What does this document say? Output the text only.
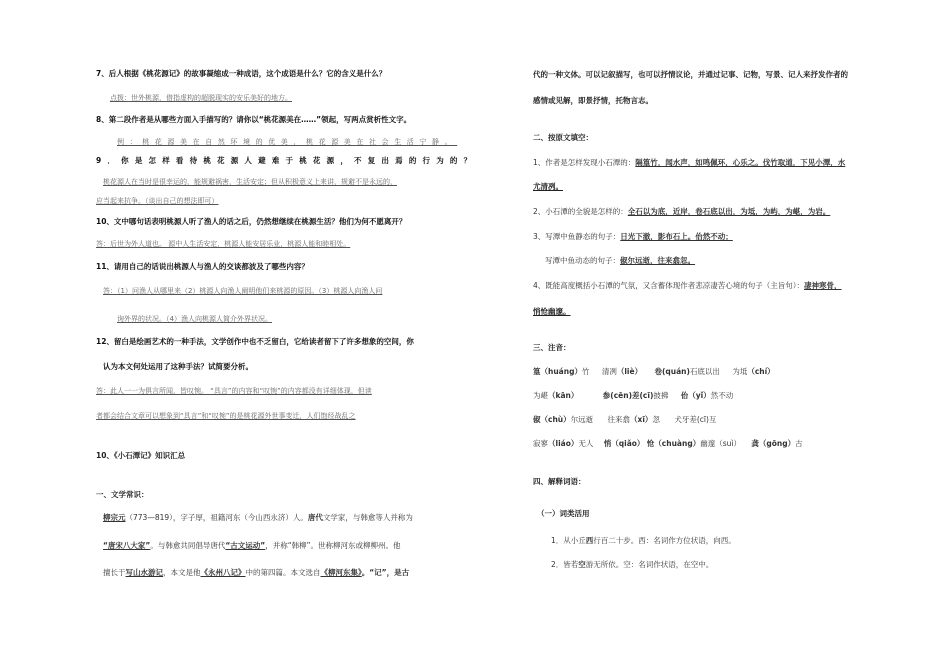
7、后人根据《桃花源记》的故事凝缩成一种成语，这个成语是什么？它的含义是什么？
点拨：世外桃源，借指虚构的超脱现实的安乐美好的地方。
8、第二段作者是从哪些方面入手描写的？请你以“桃花源美在……”领起，写两点赏析性文字。
例：桃花源美在自然环境的优美，桃花源美在社会生活宁静。
9．你是怎样看待桃花源人避难于桃花源，不复出焉的行为的？
桃花源人在当时是很幸运的，能规避祸害，生活安定；但从积极意义上来讲，规避不是永远的，
应当起来抗争。（谈出自己的想法即可）
10、文中哪句话表明桃源人听了渔人的话之后，仍然想继续在桃源生活？他们为何不愿离开？
答：后世为外人道也。 源中人生活安定，桃源人能安居乐业，桃源人能和睦相处。
11、请用自己的话说出桃源人与渔人的交谈都波及了哪些内容？
答：（1）问渔人从哪里来（2）桃源人向渔人阐明他们来桃源的原因。（3）桃源人向渔人问
询外界的状况。（4）渔人向桃源人简介外界状况。
12、留白是绘画艺术的一种手法，文学创作中也不乏留白，它给读者留下了许多想象的空间，你
认为本文何处运用了这种手法？试简要分析。
答：此人一一为俱言所闻，皆叹惋。 “具言”的内容和“叹惋”的内容都没有详细体现，但读
者都会结合文章可以想象到“具言”和“叹惋”的是桃花源外世事变迁，人们饱经战乱之
10、《小石潭记》知识汇总
一、文学常识：
柳宗元（773—819），字子厚，祖籍河东（今山西永济）人。唐代文学家，与韩愈等人并称为
“唐宋八大家”。与韩愈共同倡导唐代“古文运动”，并称“韩柳”。世称柳河东或柳柳州。他
擅长于写山水游记，本文是他《永州八记》中的第四篇。本文选自《柳河东集》。“记”，是古
代的一种文体。可以记叙描写，也可以抒情议论，并通过记事、记物，写景、记人来抒发作者的
感情或见解，即景抒情，托物言志。
二、按原文填空：
1、作者是怎样发现小石潭的：隔篁竹，闻水声，如鸣佩环，心乐之。伐竹取道，下见小潭，水
尤清冽。
2、小石潭的全貌是怎样的：全石以为底，近岸，卷石底以出，为坻，为屿，为嵁，为岩。
3、写潭中鱼静态的句子：日光下澈，影布石上。佁然不动；
写潭中鱼动态的句子：俶尔远逝，往来翕忽。
4、既能高度概括小石潭的气氛，又含蓄体现作者悲凉凄苦心境的句子（主旨句）：凄神寒骨，
悄怆幽邃。
三、注音：
篁（huáng）竹 清冽（liè） 卷(quán)石底以出 为坻（chí）
为嵁（kān）	参(cēn)差(cī)披拂 佁（yǐ）然不动
俶（chù）尔远逝 往来翕（xī）忽 犬牙差(cī)互
寂寥（liáo）无人 悄（qiǎo） 怆（chuàng）幽邃（suì） 龚（gōng）古
四、解释词语：
（一）词类活用
1．从小丘西行百二十步。西：名词作方位状语，向西。
2．皆若空游无所依。空：名词作状语，在空中。
